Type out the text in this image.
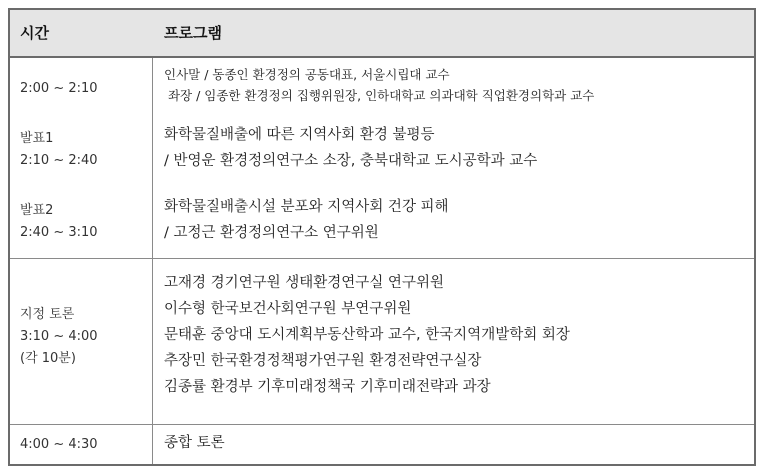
시간	프로그램
2:00 ~ 2:10
인사말 / 동종인 환경정의 공동대표, 서울시립대 교수
좌장 / 임종한 환경정의 집행위원장, 인하대학교 의과대학 직업환경의학과 교수
발표1
2:10 ~ 2:40
화학물질배출에 따른 지역사회 환경 불평등
/ 반영운 환경정의연구소 소장, 충북대학교 도시공학과 교수
발표2
2:40 ~ 3:10
화학물질배출시설 분포와 지역사회 건강 피해
/ 고정근 환경정의연구소 연구위원
지정 토론
3:10 ~ 4:00
(각 10분)
고재경 경기연구원 생태환경연구실 연구위원
이수형 한국보건사회연구원 부연구위원
문태훈 중앙대 도시계획부동산학과 교수, 한국지역개발학회 회장
추장민 한국환경정책평가연구원 환경전략연구실장
김종률 환경부 기후미래정책국 기후미래전략과 과장
4:00 ~ 4:30	종합 토론
